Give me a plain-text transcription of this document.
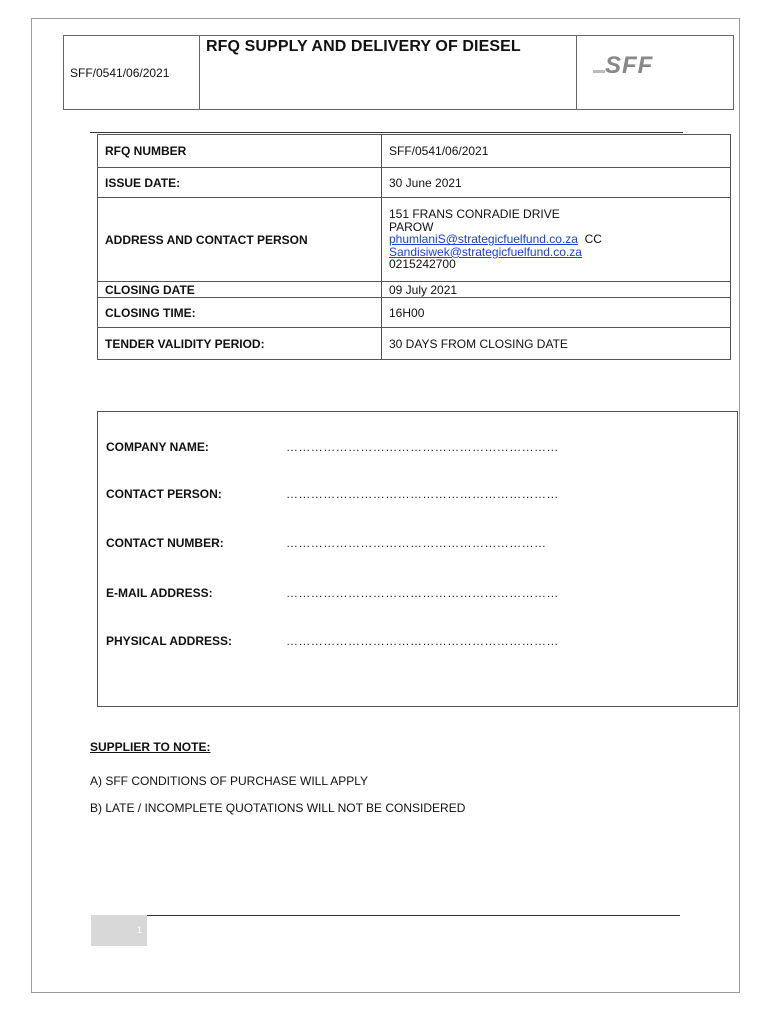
SFF/0541/06/2021
RFQ SUPPLY AND DELIVERY OF DIESEL
SFF
RFQ NUMBER	SFF/0541/06/2021
ISSUE DATE:	30 June 2021
ADDRESS AND CONTACT PERSON	151 FRANS CONRADIE DRIVE
PAROW
phumlaniS@strategicfuelfund.co.za CC
Sandisiwek@strategicfuelfund.co.za
0215242700

CLOSING DATE	09 July 2021
CLOSING TIME:	16H00
TENDER VALIDITY PERIOD:	30 DAYS FROM CLOSING DATE
COMPANY NAME:	…………………………………………………………
CONTACT PERSON:	…………………………………………………………
CONTACT NUMBER:	………………………………………………………
E-MAIL ADDRESS:	…………………………………………………………
PHYSICAL ADDRESS:	…………………………………………………………
SUPPLIER TO NOTE:
A) SFF CONDITIONS OF PURCHASE WILL APPLY
B) LATE / INCOMPLETE QUOTATIONS WILL NOT BE CONSIDERED
1
